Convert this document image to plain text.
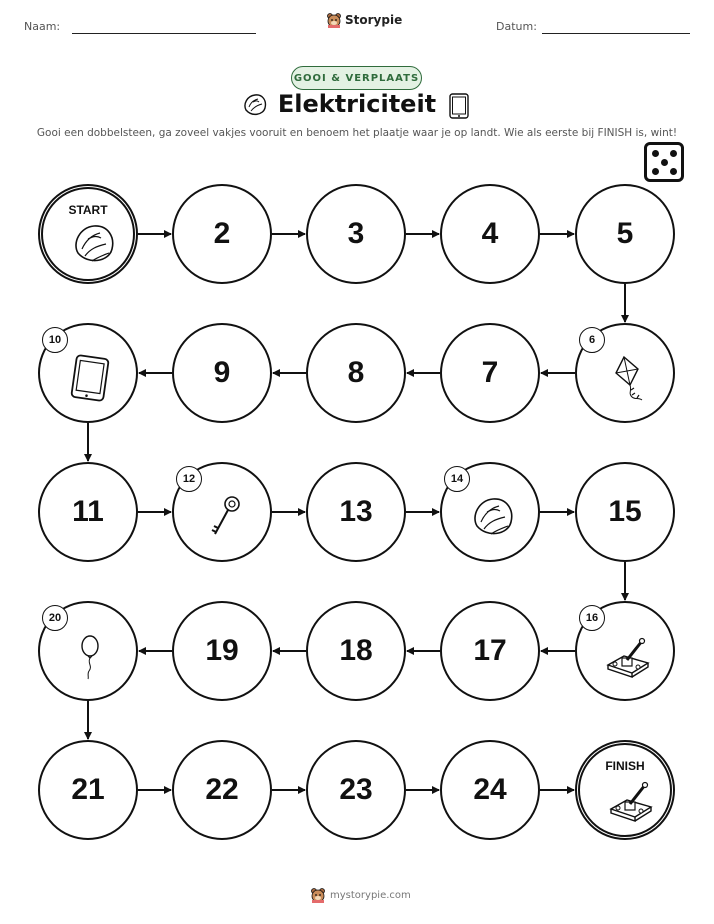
Naam:	Storypie	Datum:
GOOI & VERPLAATS
Elektriciteit
Gooi een dobbelsteen, ga zoveel vakjes vooruit en benoem het plaatje waar je op landt. Wie als eerste bij FINISH is, wint!
START
2	3	4	5
6
7
8
9
10
11
12
13
14
15
16
17
18
19
20
21	22	23	24
FINISH
mystorypie.com
